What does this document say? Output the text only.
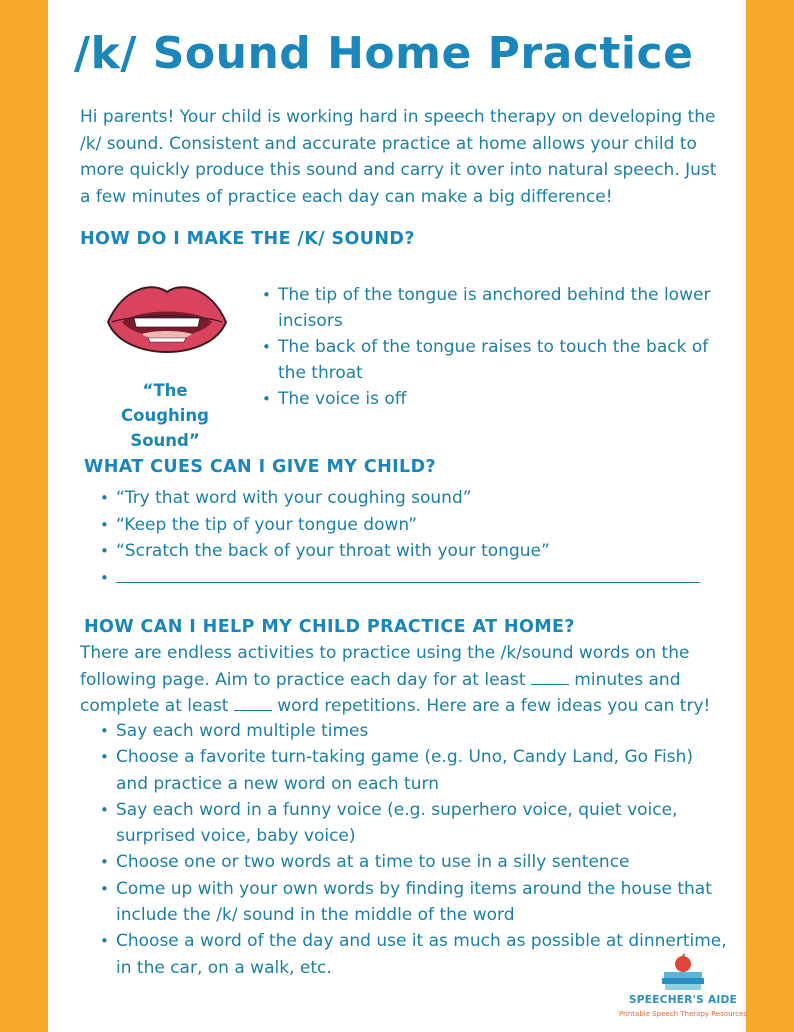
/k/ Sound Home Practice
Hi parents! Your child is working hard in speech therapy on developing the /k/ sound. Consistent and accurate practice at home allows your child to more quickly produce this sound and carry it over into natural speech. Just a few minutes of practice each day can make a big difference!
HOW DO I MAKE THE /K/ SOUND?
“The Coughing
Sound”
• The tip of the tongue is anchored behind the lower incisors
• The back of the tongue raises to touch the back of the throat
• The voice is off
WHAT CUES CAN I GIVE MY CHILD?
• “Try that word with your coughing sound”
• “Keep the tip of your tongue down”
• “Scratch the back of your throat with your tongue”
•
HOW CAN I HELP MY CHILD PRACTICE AT HOME?
There are endless activities to practice using the /k/sound words on the following page. Aim to practice each day for at least  minutes and complete at least  word repetitions. Here are a few ideas you can try!
• Say each word multiple times
• Choose a favorite turn-taking game (e.g. Uno, Candy Land, Go Fish) and practice a new word on each turn
• Say each word in a funny voice (e.g. superhero voice, quiet voice, surprised voice, baby voice)
• Choose one or two words at a time to use in a silly sentence
• Come up with your own words by finding items around the house that include the /k/ sound in the middle of the word
• Choose a word of the day and use it as much as possible at dinnertime, in the car, on a walk, etc.
SPEECHER'S AIDE
Printable Speech Therapy Resources
